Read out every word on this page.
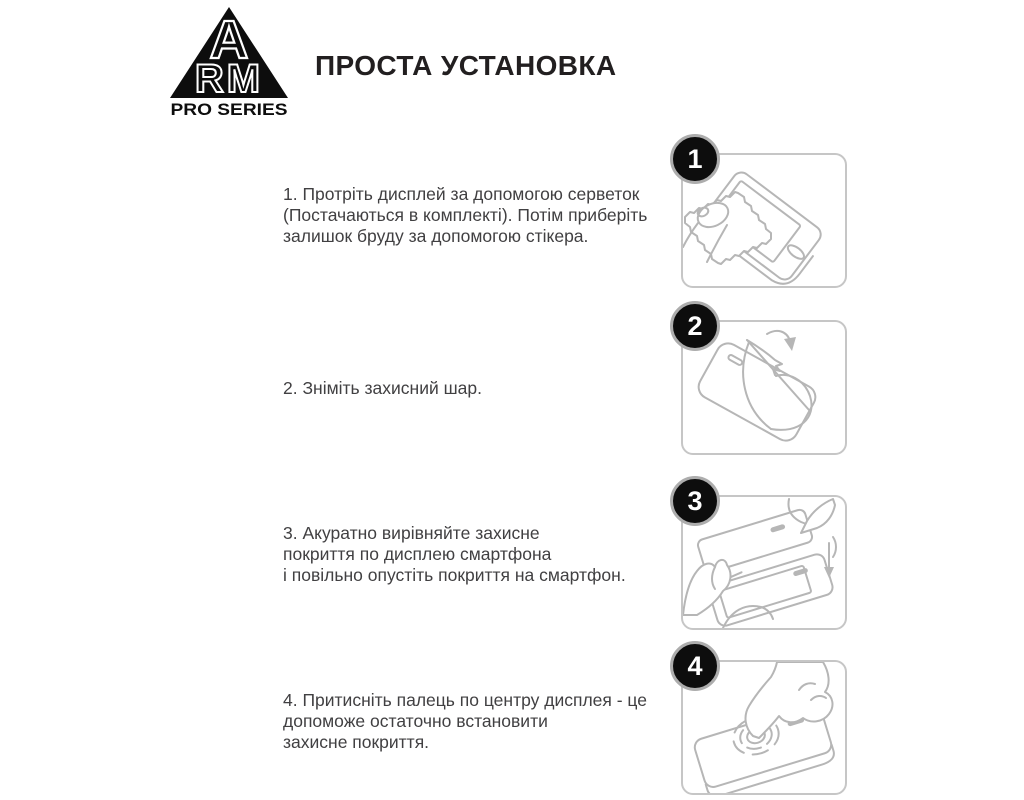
A
RM
PRO SERIES
ПРОСТА УСТАНОВКА
1. Протріть дисплей за допомогою серветок
(Постачаються в комплекті). Потім приберіть
залишок бруду за допомогою стікера.
2. Зніміть захисний шар.
3. Акуратно вирівняйте захисне
покриття по дисплею смартфона
і повільно опустіть покриття на смартфон.
4. Притисніть палець по центру дисплея - це
допоможе остаточно встановити
захисне покриття.
1
2
3
4
